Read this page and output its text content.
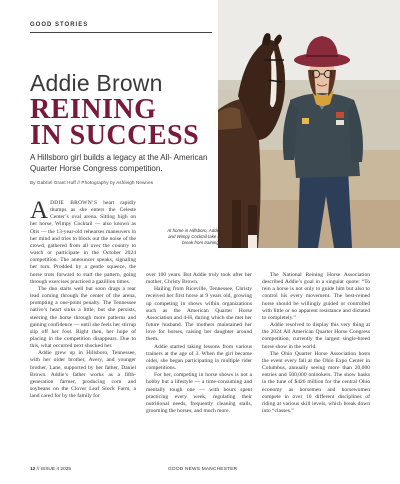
GOOD STORIES
Addie Brown
REINING
IN SUCCESS
A Hillsboro girl builds a legacy at the All- American Quarter Horse Congress competition.
By Gabriel Grant Huff // Photography by Ashleigh Newnes
At home in Hillsboro, Addie and Wimpy Cocktail take a break from training.

ADDIE BROWN’S heart rapidly thumps as she enters the Celeste Center’s oval arena. Sitting high on her horse, Wimpy Cocktail — also known as Otis — the 13-year-old rehearses maneuvers in her mind and tries to block out the noise of the crowd, gathered from all over the country to watch or participate in the October 2024 competition. The announcer speaks, signaling her turn. Prodded by a gentle squeeze, the horse trots forward to start the pattern, going through exercises practiced a gazillion times.

The duo starts well but soon drags a rear lead coming through the center of the arena, prompting a one-point penalty. The Tennessee native’s heart sinks a little, but she persists, steering the horse through more patterns and gaining confidence — until she feels her stirrup slip off her foot. Right then, her hope of placing in the competition disappears. Due to this, what occurred next shocked her.

Addie grew up in Hillsboro, Tennessee, with her older brother, Avery, and younger brother, Lane, supported by her father, Daniel Brown. Addie’s father works as a fifth-generation farmer, producing corn and soybeans on the Clover Leaf Stock Farm, a land cared for by the family for

over 100 years. But Addie truly took after her mother, Christy Brown.

Hailing from Riceville, Tennessee, Christy received her first horse at 9 years old, growing up competing in shows within organizations such as the American Quarter Horse Association and 4-H, during which she met her future husband. The mothers maintained her love for horses, raising her daughter around them.

Addie started taking lessons from various trainers at the age of 3. When the girl became older, she began participating in multiple rider competitions.

For her, competing in horse shows is not a hobby but a lifestyle — a time-consuming and mentally tough one — with hours spent practicing every week, regulating their nutritional needs, frequently cleaning stalls, grooming the horses, and much more.

The National Reining Horse Association described Addie’s goal in a singular quote: “To rein a horse is not only to guide him but also to control his every movement. The best-reined horse should be willingly guided or controlled with little or no apparent resistance and dictated to completely.”

Addie resolved to display this very thing at the 2024 All American Quarter Horse Congress competition, currently the largest single-breed horse show in the world.

The Ohio Quarter Horse Association hosts the event every fall at the Ohio Expo Center in Columbus, annually seeing more than 20,000 entries and 500,000 onlookers. The show basks in the tune of $426 million for the central Ohio economy as horsemen and horsewomen compete in over 10 different disciplines of riding at various skill levels, which break down into “classes.”

12 // ISSUE 4 2025	GOOD NEWS MANCHESTER
